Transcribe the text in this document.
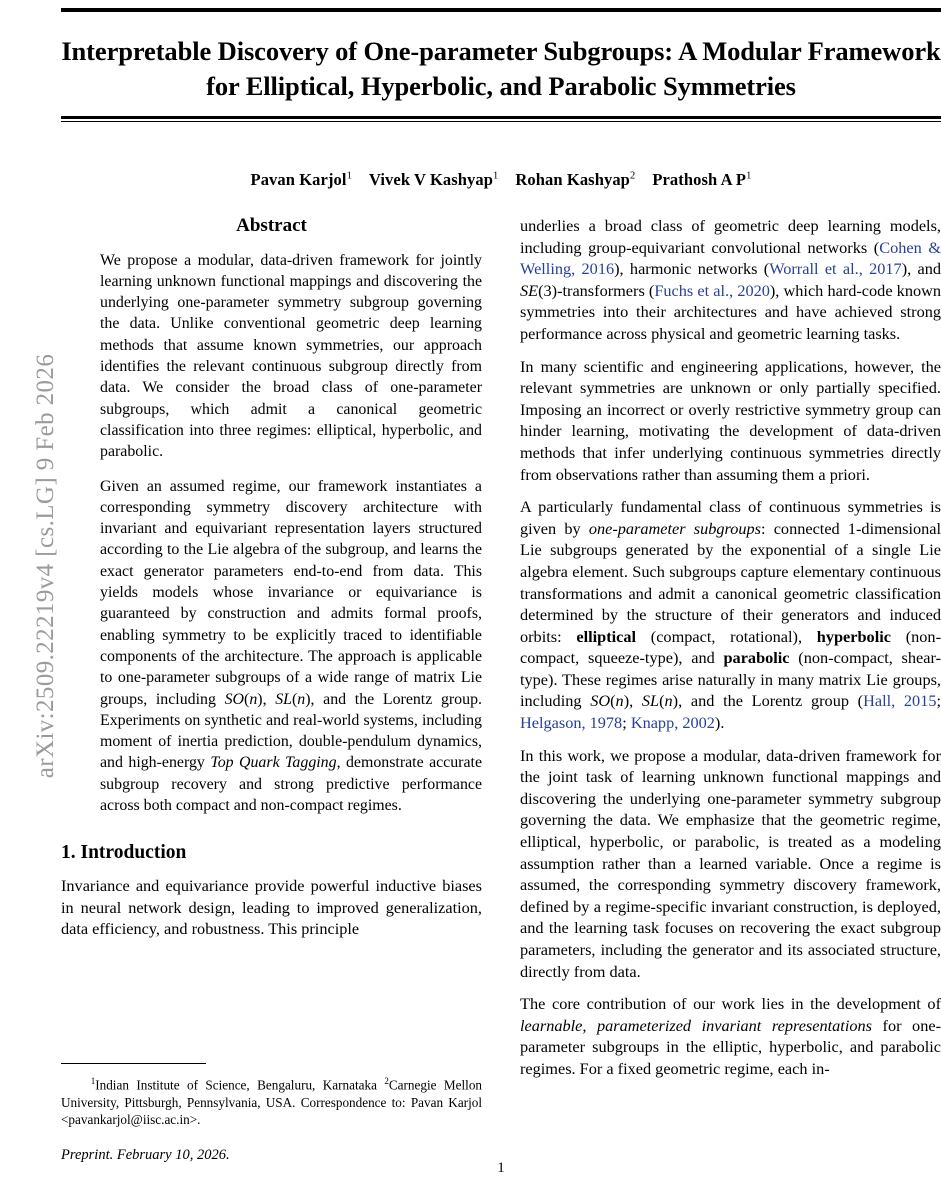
arXiv:2509.22219v4 [cs.LG] 9 Feb 2026
Interpretable Discovery of One-parameter Subgroups: A Modular Framework
for Elliptical, Hyperbolic, and Parabolic Symmetries
Pavan Karjol$^1$ Vivek V Kashyap$^1$ Rohan Kashyap$^2$ Prathosh A $P^1$
Abstract

We propose a modular, data-driven framework for jointly learning unknown functional mappings and discovering the underlying one-parameter symmetry subgroup governing the data. Unlike conventional geometric deep learning methods that assume known symmetries, our approach identifies the relevant continuous subgroup directly from data. We consider the broad class of one-parameter subgroups, which admit a canonical geometric classification into three regimes: elliptical, hyperbolic, and parabolic.

Given an assumed regime, our framework instantiates a corresponding symmetry discovery architecture with invariant and equivariant representation layers structured according to the Lie algebra of the subgroup, and learns the exact generator parameters end-to-end from data. This yields models whose invariance or equivariance is guaranteed by construction and admits formal proofs, enabling symmetry to be explicitly traced to identifiable components of the architecture. The approach is applicable to one-parameter subgroups of a wide range of matrix Lie groups, including SO(n), SL(n), and the Lorentz group. Experiments on synthetic and real-world systems, including moment of inertia prediction, double-pendulum dynamics, and high-energy Top Quark Tagging, demonstrate accurate subgroup recovery and strong predictive performance across both compact and non-compact regimes.

1. Introduction

Invariance and equivariance provide powerful inductive biases in neural network design, leading to improved generalization, data efficiency, and robustness. This principle

underlies a broad class of geometric deep learning models, including group-equivariant convolutional networks (Cohen & Welling, 2016), harmonic networks (Worrall et al., 2017), and SE(3)-transformers (Fuchs et al., 2020), which hard-code known symmetries into their architectures and have achieved strong performance across physical and geometric learning tasks.

In many scientific and engineering applications, however, the relevant symmetries are unknown or only partially specified. Imposing an incorrect or overly restrictive symmetry group can hinder learning, motivating the development of data-driven methods that infer underlying continuous symmetries directly from observations rather than assuming them a priori.

A particularly fundamental class of continuous symmetries is given by one-parameter subgroups: connected 1-dimensional Lie subgroups generated by the exponential of a single Lie algebra element. Such subgroups capture elementary continuous transformations and admit a canonical geometric classification determined by the structure of their generators and induced orbits: elliptical (compact, rotational), hyperbolic (non-compact, squeeze-type), and parabolic (non-compact, shear-type). These regimes arise naturally in many matrix Lie groups, including SO(n), SL(n), and the Lorentz group (Hall, 2015; Helgason, 1978; Knapp, 2002).

In this work, we propose a modular, data-driven framework for the joint task of learning unknown functional mappings and discovering the underlying one-parameter symmetry subgroup governing the data. We emphasize that the geometric regime, elliptical, hyperbolic, or parabolic, is treated as a modeling assumption rather than a learned variable. Once a regime is assumed, the corresponding symmetry discovery framework, defined by a regime-specific invariant construction, is deployed, and the learning task focuses on recovering the exact subgroup parameters, including the generator and its associated structure, directly from data.

The core contribution of our work lies in the development of learnable, parameterized invariant representations for one-parameter subgroups in the elliptic, hyperbolic, and parabolic regimes. For a fixed geometric regime, each in-

$^1$Indian Institute of Science, Bengaluru, Karnataka $^2$Carnegie Mellon University, Pittsburgh, Pennsylvania, USA. Correspondence to: Pavan Karjol <pavankarjol@iisc.ac.in>.
Preprint. February 10, 2026.
1
